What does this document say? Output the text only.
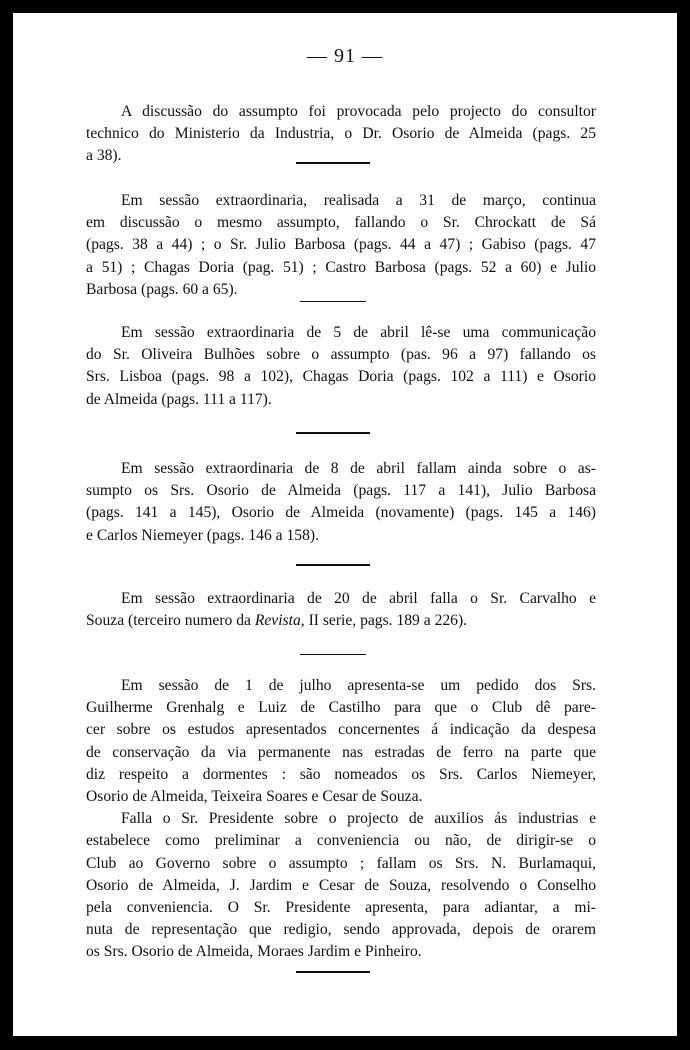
— 91 —
A discussão do assumpto foi provocada pelo projecto do consultor
technico do Ministerio da Industria, o Dr. Osorio de Almeida (pags. 25
a 38).
Em sessão extraordinaria, realisada a 31 de março, continua
em discussão o mesmo assumpto, fallando o Sr. Chrockatt de Sá
(pags. 38 a 44) ; o Sr. Julio Barbosa (pags. 44 a 47) ; Gabiso (pags. 47
a 51) ; Chagas Doria (pag. 51) ; Castro Barbosa (pags. 52 a 60) e Julio
Barbosa (pags. 60 a 65).
Em sessão extraordinaria de 5 de abril lê-se uma communicação
do Sr. Oliveira Bulhões sobre o assumpto (pas. 96 a 97) fallando os
Srs. Lisboa (pags. 98 a 102), Chagas Doria (pags. 102 a 111) e Osorio
de Almeida (pags. 111 a 117).
Em sessão extraordinaria de 8 de abril fallam ainda sobre o as-
sumpto os Srs. Osorio de Almeida (pags. 117 a 141), Julio Barbosa
(pags. 141 a 145), Osorio de Almeida (novamente) (pags. 145 a 146)
e Carlos Niemeyer (pags. 146 a 158).
Em sessão extraordinaria de 20 de abril falla o Sr. Carvalho e
Souza (terceiro numero da Revista, II serie, pags. 189 a 226).
Em sessão de 1 de julho apresenta-se um pedido dos Srs.
Guilherme Grenhalg e Luiz de Castilho para que o Club dê pare-
cer sobre os estudos apresentados concernentes á indicação da despesa
de conservação da via permanente nas estradas de ferro na parte que
diz respeito a dormentes : são nomeados os Srs. Carlos Niemeyer,
Osorio de Almeida, Teixeira Soares e Cesar de Souza.
Falla o Sr. Presidente sobre o projecto de auxilios ás industrias e
estabelece como preliminar a conveniencia ou não, de dirigir-se o
Club ao Governo sobre o assumpto ; fallam os Srs. N. Burlamaqui,
Osorio de Almeida, J. Jardim e Cesar de Souza, resolvendo o Conselho
pela conveniencia. O Sr. Presidente apresenta, para adiantar, a mi-
nuta de representação que redigio, sendo approvada, depois de orarem
os Srs. Osorio de Almeida, Moraes Jardim e Pinheiro.
